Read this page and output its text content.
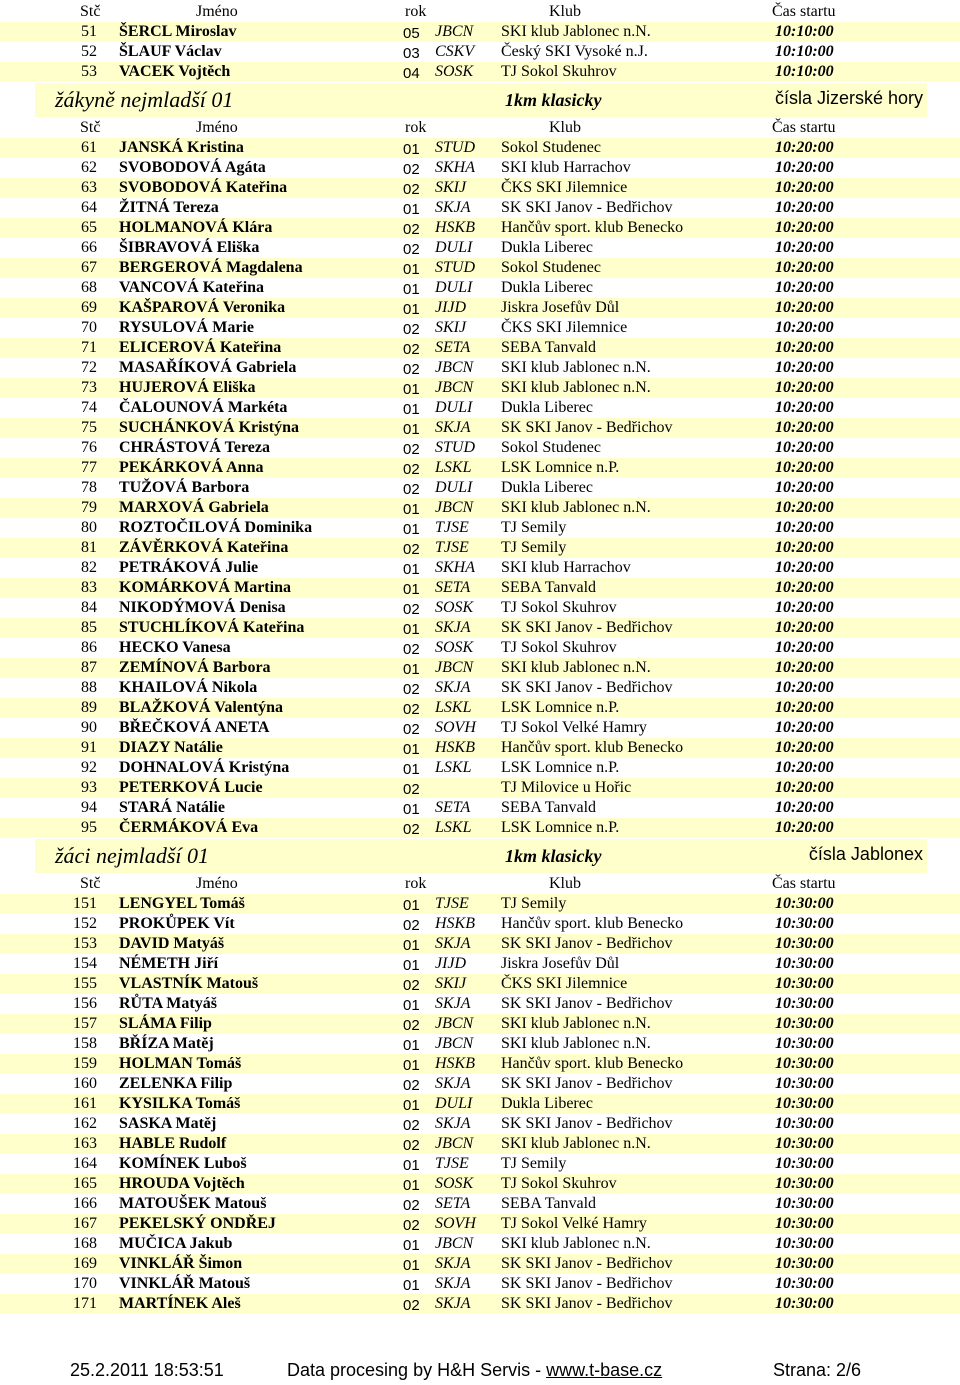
Stč	Jméno	rok	Klub	Čas startu
51 ŠERCL Miroslav	05 JBCN SKI klub Jablonec n.N.	10:10:00
52 ŠLAUF Václav	03 CSKV Český SKI Vysoké n.J.	10:10:00
53 VACEK Vojtěch	04 SOSK TJ Sokol Skuhrov	10:10:00
žákyně nejmladší 01	1km klasicky	čísla Jizerské hory
Stč	Jméno	rok	Klub	Čas startu
61 JANSKÁ Kristina	01 STUD Sokol Studenec	10:20:00
62 SVOBODOVÁ Agáta	02 SKHA SKI klub Harrachov	10:20:00
63 SVOBODOVÁ Kateřina	02 SKIJ ČKS SKI Jilemnice	10:20:00
64 ŽITNÁ Tereza	01 SKJA SK SKI Janov - Bedřichov	10:20:00
65 HOLMANOVÁ Klára	02 HSKB Hančův sport. klub Benecko	10:20:00
66 ŠIBRAVOVÁ Eliška	02 DULI Dukla Liberec	10:20:00
67 BERGEROVÁ Magdalena	01 STUD Sokol Studenec	10:20:00
68 VANCOVÁ Kateřina	01 DULI Dukla Liberec	10:20:00
69 KAŠPAROVÁ Veronika	01 JIJD Jiskra Josefův Důl	10:20:00
70 RYSULOVÁ Marie	02 SKIJ ČKS SKI Jilemnice	10:20:00
71 ELICEROVÁ Kateřina	02 SETA SEBA Tanvald	10:20:00
72 MASAŘÍKOVÁ Gabriela	02 JBCN SKI klub Jablonec n.N.	10:20:00
73 HUJEROVÁ Eliška	01 JBCN SKI klub Jablonec n.N.	10:20:00
74 ČALOUNOVÁ Markéta	01 DULI Dukla Liberec	10:20:00
75 SUCHÁNKOVÁ Kristýna	01 SKJA SK SKI Janov - Bedřichov	10:20:00
76 CHRÁSTOVÁ Tereza	02 STUD Sokol Studenec	10:20:00
77 PEKÁRKOVÁ Anna	02 LSKL LSK Lomnice n.P.	10:20:00
78 TUŽOVÁ Barbora	02 DULI Dukla Liberec	10:20:00
79 MARXOVÁ Gabriela	01 JBCN SKI klub Jablonec n.N.	10:20:00
80 ROZTOČILOVÁ Dominika	01 TJSE TJ Semily	10:20:00
81 ZÁVĚRKOVÁ Kateřina	02 TJSE TJ Semily	10:20:00
82 PETRÁKOVÁ Julie	01 SKHA SKI klub Harrachov	10:20:00
83 KOMÁRKOVÁ Martina	01 SETA SEBA Tanvald	10:20:00
84 NIKODÝMOVÁ Denisa	02 SOSK TJ Sokol Skuhrov	10:20:00
85 STUCHLÍKOVÁ Kateřina	01 SKJA SK SKI Janov - Bedřichov	10:20:00
86 HECKO Vanesa	02 SOSK TJ Sokol Skuhrov	10:20:00
87 ZEMÍNOVÁ Barbora	01 JBCN SKI klub Jablonec n.N.	10:20:00
88 KHAILOVÁ Nikola	02 SKJA SK SKI Janov - Bedřichov	10:20:00
89 BLAŽKOVÁ Valentýna	02 LSKL LSK Lomnice n.P.	10:20:00
90 BŘEČKOVÁ ANETA	02 SOVH TJ Sokol Velké Hamry	10:20:00
91 DIAZY Natálie	01 HSKB Hančův sport. klub Benecko	10:20:00
92 DOHNALOVÁ Kristýna	01 LSKL LSK Lomnice n.P.	10:20:00
93 PETERKOVÁ Lucie	02	TJ Milovice u Hořic	10:20:00
94 STARÁ Natálie	01 SETA SEBA Tanvald	10:20:00
95 ČERMÁKOVÁ Eva	02 LSKL LSK Lomnice n.P.	10:20:00
žáci nejmladší 01	1km klasicky	čísla Jablonex
Stč	Jméno	rok	Klub	Čas startu
151 LENGYEL Tomáš	01 TJSE TJ Semily	10:30:00
152 PROKŮPEK Vít	02 HSKB Hančův sport. klub Benecko	10:30:00
153 DAVID Matyáš	01 SKJA SK SKI Janov - Bedřichov	10:30:00
154 NÉMETH Jiří	01 JIJD Jiskra Josefův Důl	10:30:00
155 VLASTNÍK Matouš	02 SKIJ ČKS SKI Jilemnice	10:30:00
156 RŮTA Matyáš	01 SKJA SK SKI Janov - Bedřichov	10:30:00
157 SLÁMA Filip	02 JBCN SKI klub Jablonec n.N.	10:30:00
158 BŘÍZA Matěj	01 JBCN SKI klub Jablonec n.N.	10:30:00
159 HOLMAN Tomáš	01 HSKB Hančův sport. klub Benecko	10:30:00
160 ZELENKA Filip	02 SKJA SK SKI Janov - Bedřichov	10:30:00
161 KYSILKA Tomáš	01 DULI Dukla Liberec	10:30:00
162 SASKA Matěj	02 SKJA SK SKI Janov - Bedřichov	10:30:00
163 HABLE Rudolf	02 JBCN SKI klub Jablonec n.N.	10:30:00
164 KOMÍNEK Luboš	01 TJSE TJ Semily	10:30:00
165 HROUDA Vojtěch	01 SOSK TJ Sokol Skuhrov	10:30:00
166 MATOUŠEK Matouš	02 SETA SEBA Tanvald	10:30:00
167 PEKELSKÝ ONDŘEJ	02 SOVH TJ Sokol Velké Hamry	10:30:00
168 MUČICA Jakub	01 JBCN SKI klub Jablonec n.N.	10:30:00
169 VINKLÁŘ Šimon	01 SKJA SK SKI Janov - Bedřichov	10:30:00
170 VINKLÁŘ Matouš	01 SKJA SK SKI Janov - Bedřichov	10:30:00
171 MARTÍNEK Aleš	02 SKJA SK SKI Janov - Bedřichov	10:30:00
25.2.2011 18:53:51	Data procesing by H&H Servis - www.t-base.cz	Strana: 2/6
